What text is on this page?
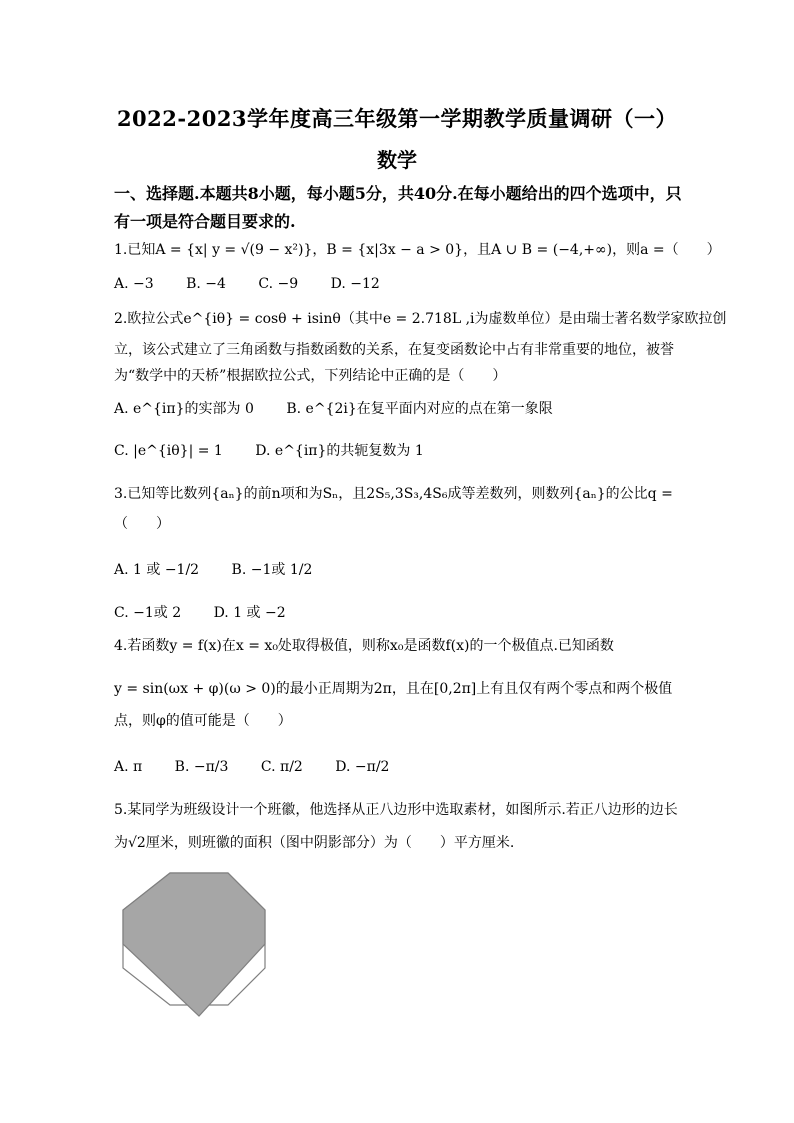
2022-2023学年度高三年级第一学期教学质量调研（一）
数学
一、选择题.本题共8小题，每小题5分，共40分.在每小题给出的四个选项中，只有一项是符合题目要求的.
1.已知A = {x| y = √(9 − x²)}，B = {x|3x − a > 0}，且A ∪ B = (−4,+∞)，则a =（　　）
A. −3 B. −4 C. −9 D. −12
2.欧拉公式e^{iθ} = cosθ + isinθ（其中e = 2.718L ,i为虚数单位）是由瑞士著名数学家欧拉创
立，该公式建立了三角函数与指数函数的关系，在复变函数论中占有非常重要的地位，被誉
为“数学中的天桥”根据欧拉公式，下列结论中正确的是（　　）
A. e^{iπ}的实部为 0 B. e^{2i}在复平面内对应的点在第一象限
C. |e^{iθ}| = 1 D. e^{iπ}的共轭复数为 1
3.已知等比数列{aₙ}的前n项和为Sₙ，且2S₅,3S₃,4S₆成等差数列，则数列{aₙ}的公比q =
（　　）
A. 1 或 −1/2 B. −1或 1/2
C. −1或 2 D. 1 或 −2
4.若函数y = f(x)在x = x₀处取得极值，则称x₀是函数f(x)的一个极值点.已知函数
y = sin(ωx + φ)(ω > 0)的最小正周期为2π，且在[0,2π]上有且仅有两个零点和两个极值
点，则φ的值可能是（　　）
A. π B. −π/3 C. π/2 D. −π/2
5.某同学为班级设计一个班徽，他选择从正八边形中选取素材，如图所示.若正八边形的边长
为√2厘米，则班徽的面积（图中阴影部分）为（　　）平方厘米.
